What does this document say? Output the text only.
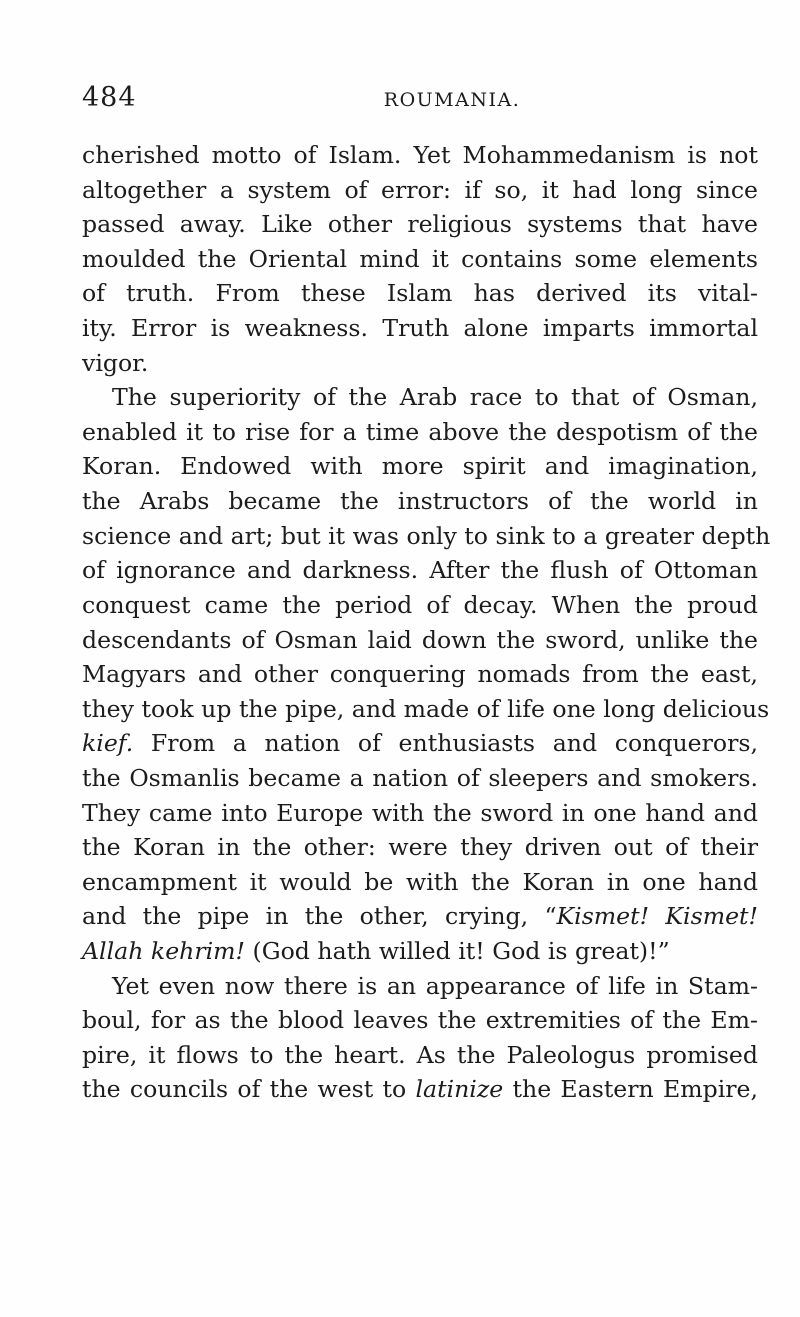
484	ROUMANIA.
cherished motto of Islam. Yet Mohammedanism is not
altogether a system of error: if so, it had long since
passed away. Like other religious systems that have
moulded the Oriental mind it contains some elements
of truth. From these Islam has derived its vital-
ity. Error is weakness. Truth alone imparts immortal
vigor.
The superiority of the Arab race to that of Osman,
enabled it to rise for a time above the despotism of the
Koran. Endowed with more spirit and imagination,
the Arabs became the instructors of the world in
science and art; but it was only to sink to a greater depth
of ignorance and darkness. After the flush of Ottoman
conquest came the period of decay. When the proud
descendants of Osman laid down the sword, unlike the
Magyars and other conquering nomads from the east,
they took up the pipe, and made of life one long delicious
kief. From a nation of enthusiasts and conquerors,
the Osmanlis became a nation of sleepers and smokers.
They came into Europe with the sword in one hand and
the Koran in the other: were they driven out of their
encampment it would be with the Koran in one hand
and the pipe in the other, crying, “Kismet! Kismet!
Allah kehrim! (God hath willed it! God is great)!”
Yet even now there is an appearance of life in Stam-
boul, for as the blood leaves the extremities of the Em-
pire, it flows to the heart. As the Paleologus promised
the councils of the west to latinize the Eastern Empire,
